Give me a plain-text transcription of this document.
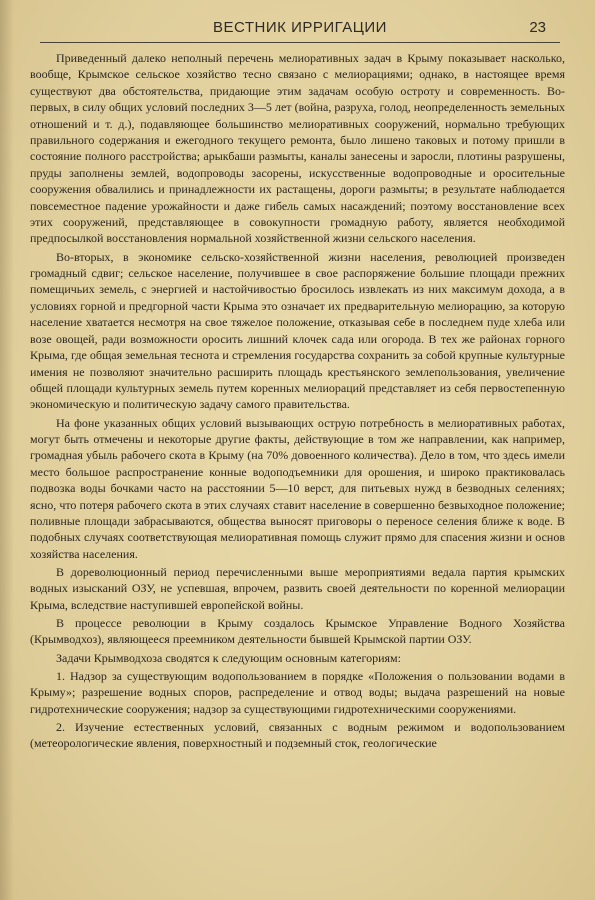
ВЕСТНИК ИРРИГАЦИИ	23

Приведенный далеко неполный перечень мелиоративных задач в Крыму показывает насколько, вообще, Крымское сельское хозяйство тесно связано с мелиорациями; однако, в настоящее время существуют два обстоятельства, придающие этим задачам особую остроту и современность. Во-первых, в силу общих условий последних 3—5 лет (война, разруха, голод, неопределенность земельных отношений и т. д.), подавляющее большинство мелиоративных сооружений, нормально требующих правильного содержания и ежегодного текущего ремонта, было лишено таковых и потому пришли в состояние полного расстройства; арыкбаши размыты, каналы занесены и заросли, плотины разрушены, пруды заполнены землей, водопроводы засорены, искусственные водопроводные и оросительные сооружения обвалились и принадлежности их растащены, дороги размыты; в результате наблюдается повсеместное падение урожайности и даже гибель самых насаждений; поэтому восстановление всех этих сооружений, представляющее в совокупности громадную работу, является необходимой предпосылкой восстановления нормальной хозяйственной жизни сельского населения.

Во-вторых, в экономике сельско-хозяйственной жизни населения, революцией произведен громадный сдвиг; сельское население, получившее в свое распоряжение большие площади прежних помещичьих земель, с энергией и настойчивостью бросилось извлекать из них максимум дохода, а в условиях горной и предгорной части Крыма это означает их предварительную мелиорацию, за которую население хватается несмотря на свое тяжелое положение, отказывая себе в последнем пуде хлеба или возе овощей, ради возможности оросить лишний клочек сада или огорода. В тех же районах горного Крыма, где общая земельная теснота и стремления государства сохранить за собой крупные культурные имения не позволяют значительно расширить площадь крестьянского землепользования, увеличение общей площади культурных земель путем коренных мелиораций представляет из себя первостепенную экономическую и политическую задачу самого правительства.

На фоне указанных общих условий вызывающих острую потребность в мелиоративных работах, могут быть отмечены и некоторые другие факты, действующие в том же направлении, как например, громадная убыль рабочего скота в Крыму (на 70% довоенного количества). Дело в том, что здесь имели место большое распространение конные водоподъемники для орошения, и широко практиковалась подвозка воды бочками часто на расстоянии 5—10 верст, для питьевых нужд в безводных селениях; ясно, что потеря рабочего скота в этих случаях ставит население в совершенно безвыходное положение; поливные площади забрасываются, общества выносят приговоры о переносе селения ближе к воде. В подобных случаях соответствующая мелиоративная помощь служит прямо для спасения жизни и основ хозяйства населения.

В дореволюционный период перечисленными выше мероприятиями ведала партия крымских водных изысканий ОЗУ, не успевшая, впрочем, развить своей деятельности по коренной мелиорации Крыма, вследствие наступившей европейской войны.

В процессе революции в Крыму создалось Крымское Управление Водного Хозяйства (Крымводхоз), являющееся преемником деятельности бывшей Крымской партии ОЗУ.

Задачи Крымводхоза сводятся к следующим основным категориям:

1. Надзор за существующим водопользованием в порядке «Положения о пользовании водами в Крыму»; разрешение водных споров, распределение и отвод воды; выдача разрешений на новые гидротехнические сооружения; надзор за существующими гидротехническими сооружениями.

2. Изучение естественных условий, связанных с водным режимом и водопользованием (метеорологические явления, поверхностный и подземный сток, геологические
